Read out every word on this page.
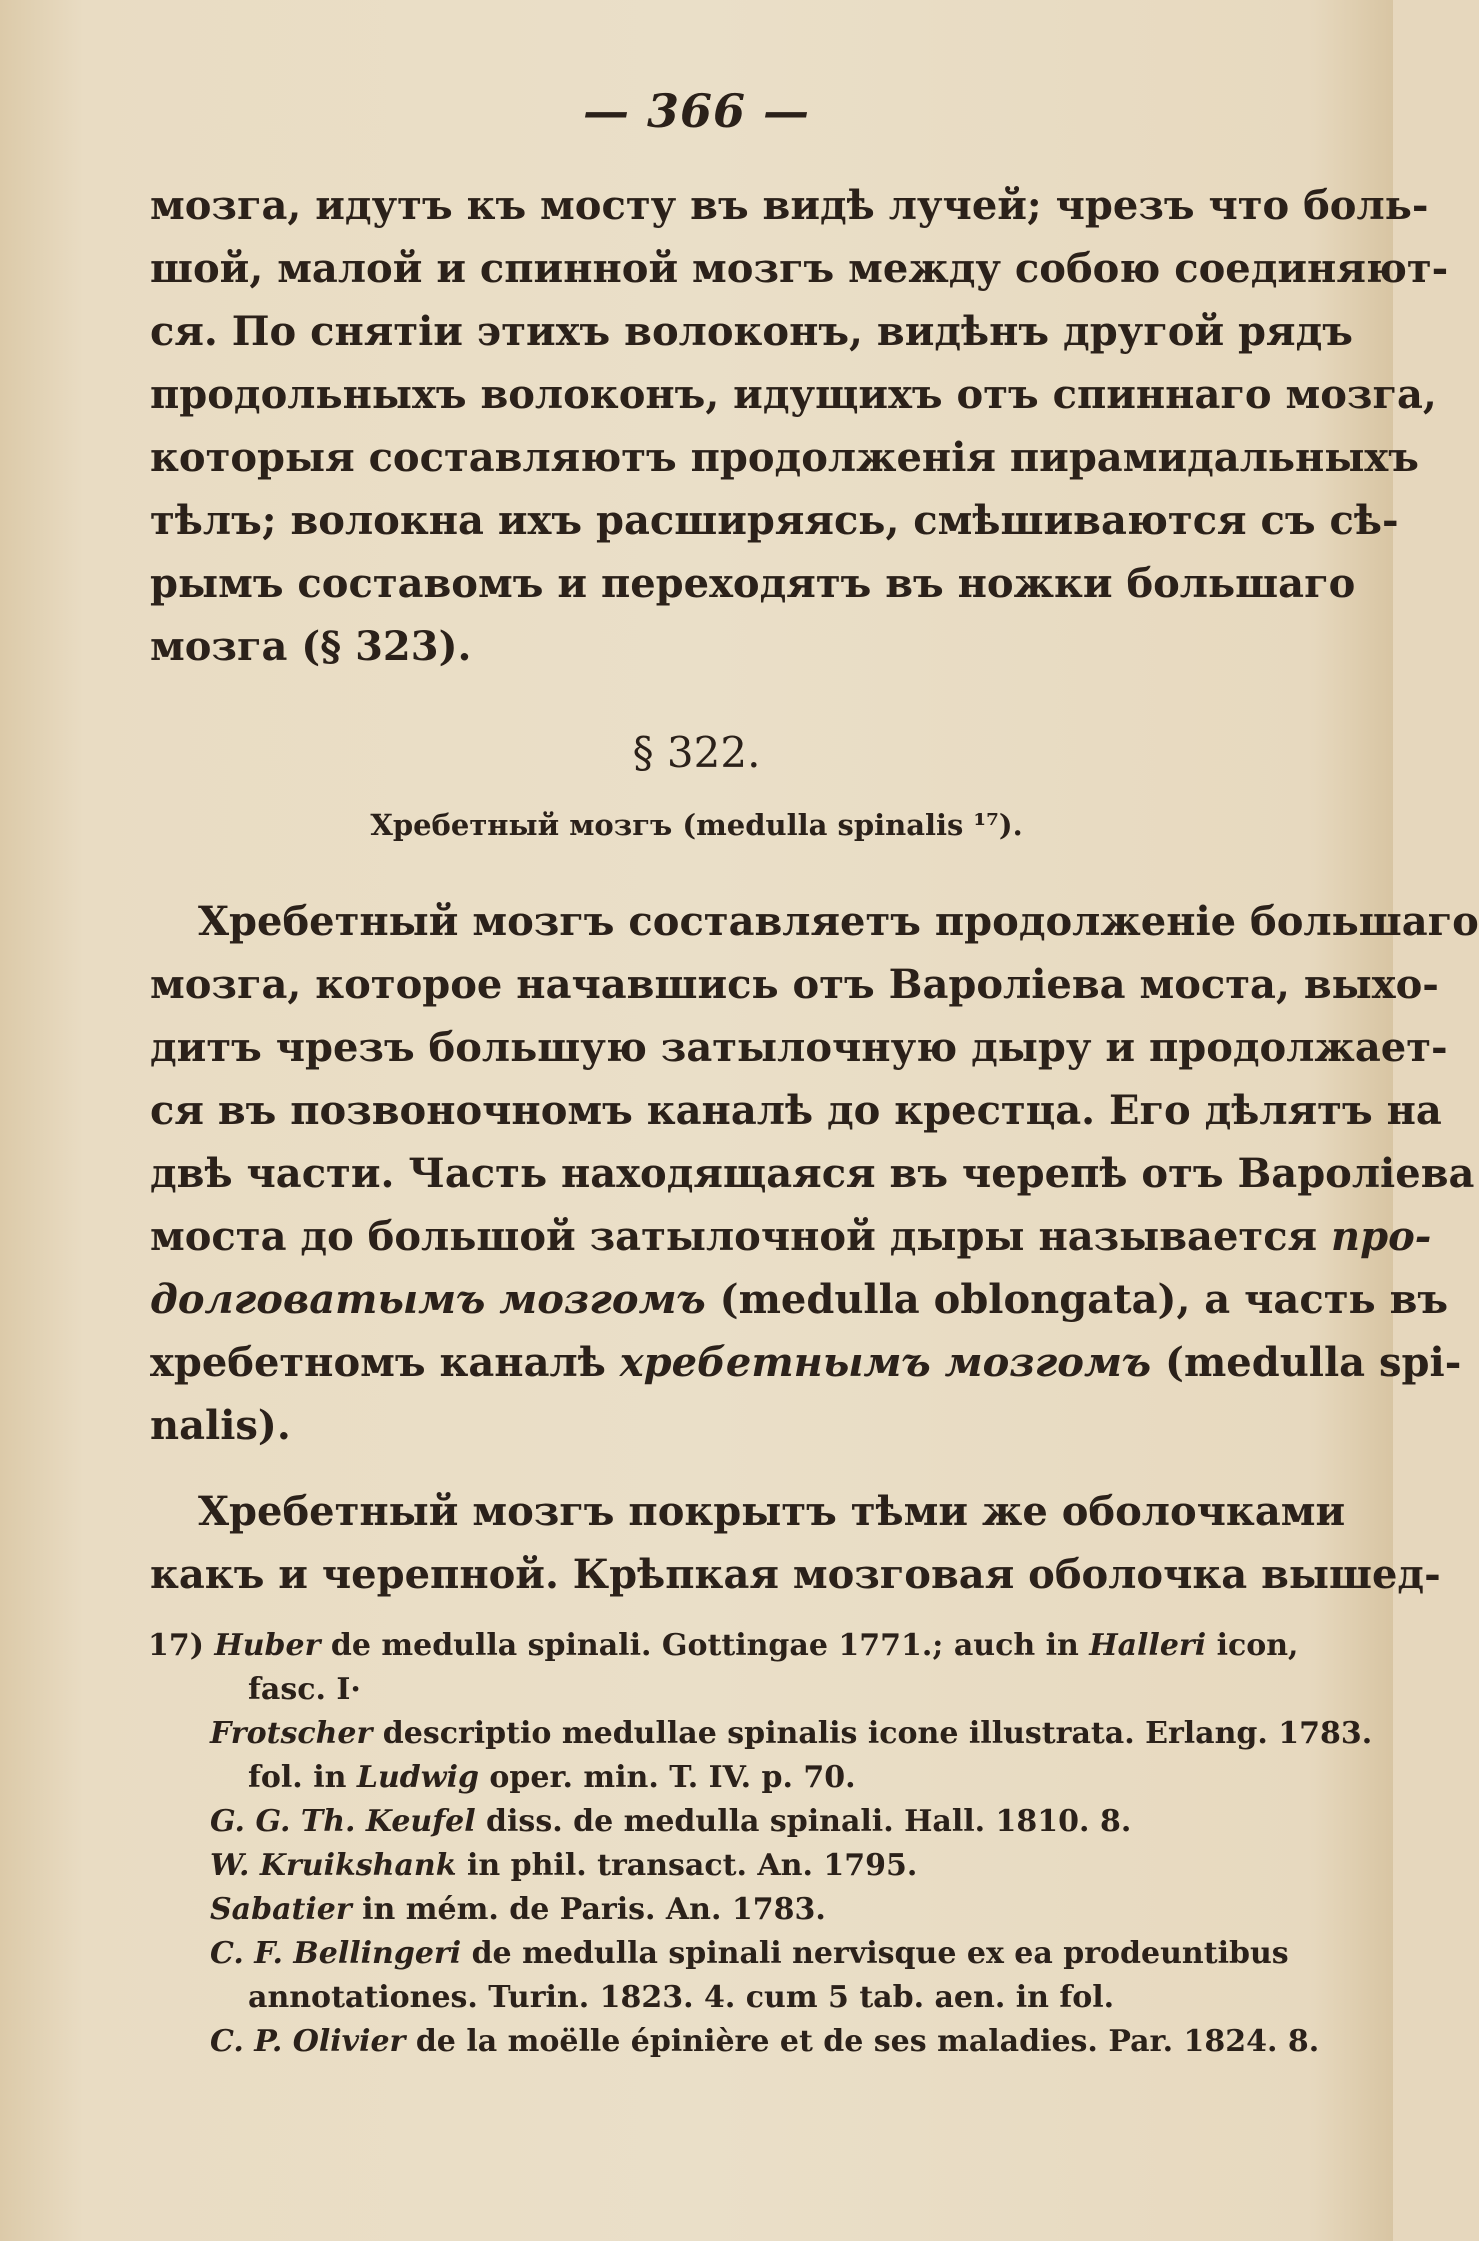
— 366 —
мозга, идутъ къ мосту въ видѣ лучей; чрезъ что боль-
шой, малой и спинной мозгъ между собою соединяют-
ся. По снятіи этихъ волоконъ, видѣнъ другой рядъ
продольныхъ волоконъ, идущихъ отъ спиннаго мозга,
которыя составляютъ продолженія пирамидальныхъ
тѣлъ; волокна ихъ расширяясь, смѣшиваются съ сѣ-
рымъ составомъ и переходятъ въ ножки большаго
мозга (§ 323).
§ 322.
Хребетный мозгъ (medulla spinalis ¹⁷).
Хребетный мозгъ составляетъ продолженіе большаго
мозга, которое начавшись отъ Вароліева моста, выхо-
дитъ чрезъ большую затылочную дыру и продолжает-
ся въ позвоночномъ каналѣ до крестца. Его дѣлятъ на
двѣ части. Часть находящаяся въ черепѣ отъ Вароліева
моста до большой затылочной дыры называется про-
долговатымъ мозгомъ (medulla oblongata), а часть въ
хребетномъ каналѣ хребетнымъ мозгомъ (medulla spi-
nalis).
Хребетный мозгъ покрытъ тѣми же оболочками
какъ и черепной. Крѣпкая мозговая оболочка вышед-
17) Huber de medulla spinali. Gottingae 1771.; auch in Halleri icon,
fasc. I·
Frotscher descriptio medullae spinalis icone illustrata. Erlang. 1783.
fol. in Ludwig oper. min. T. IV. p. 70.
G. G. Th. Keufel diss. de medulla spinali. Hall. 1810. 8.
W. Kruikshank in phil. transact. An. 1795.
Sabatier in mém. de Paris. An. 1783.
C. F. Bellingeri de medulla spinali nervisque ex ea prodeuntibus
annotationes. Turin. 1823. 4. cum 5 tab. aen. in fol.
C. P. Olivier de la moëlle épinière et de ses maladies. Par. 1824. 8.
